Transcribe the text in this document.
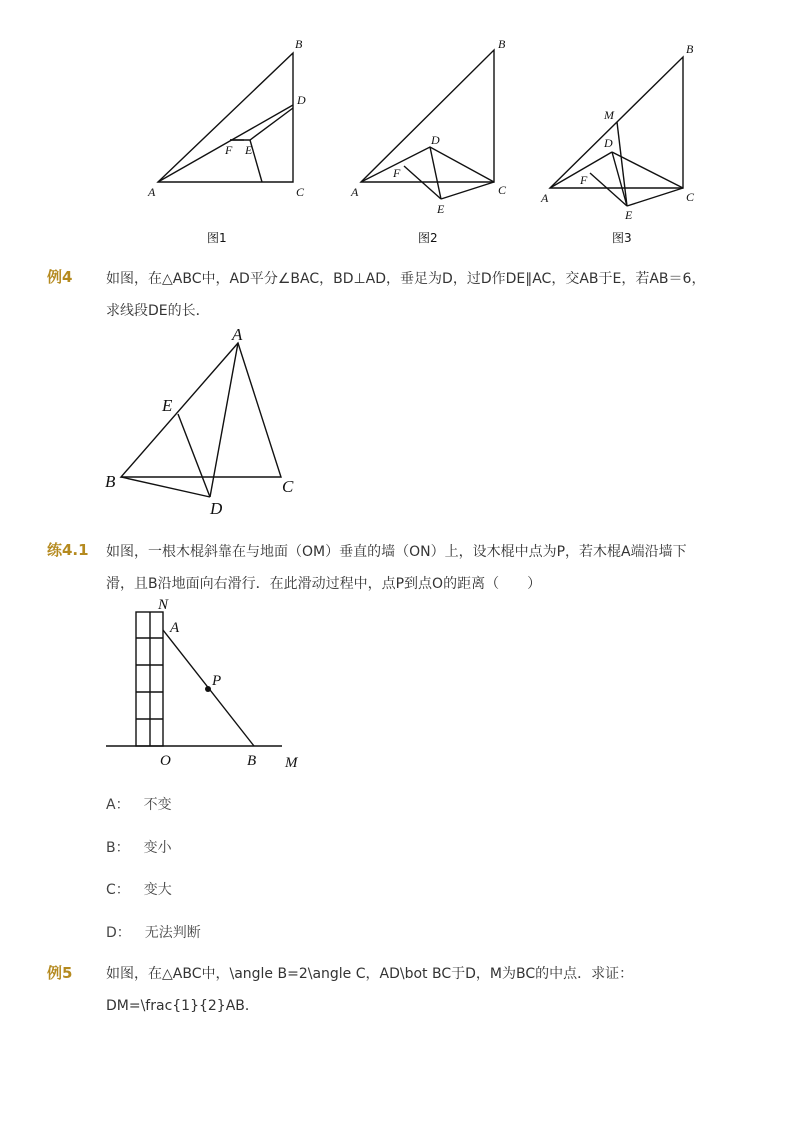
A
B
C
D
E
F
图1
A
B
C
D
E
F
图2
A
B
C
D
E
F
M
图3
例4 如图，在△ABC中，AD平分∠BAC，BD⊥AD，垂足为D，过D作DE∥AC，交AB于E，若AB＝6，
求线段DE的长．
A
B	C
D
E
练4.1 如图，一根木棍斜靠在与地面（OM）垂直的墙（ON）上，设木棍中点为P，若木棍A端沿墙下
滑，且B沿地面向右滑行．在此滑动过程中，点P到点O的距离（　　）
N
A
P
O	B M
A： 不变
B： 变小
C： 变大
D： 无法判断
例5 如图，在△ABC中，\angle B=2\angle C，AD\bot BC于D，M为BC的中点．求证：
DM=\frac{1}{2}AB．
